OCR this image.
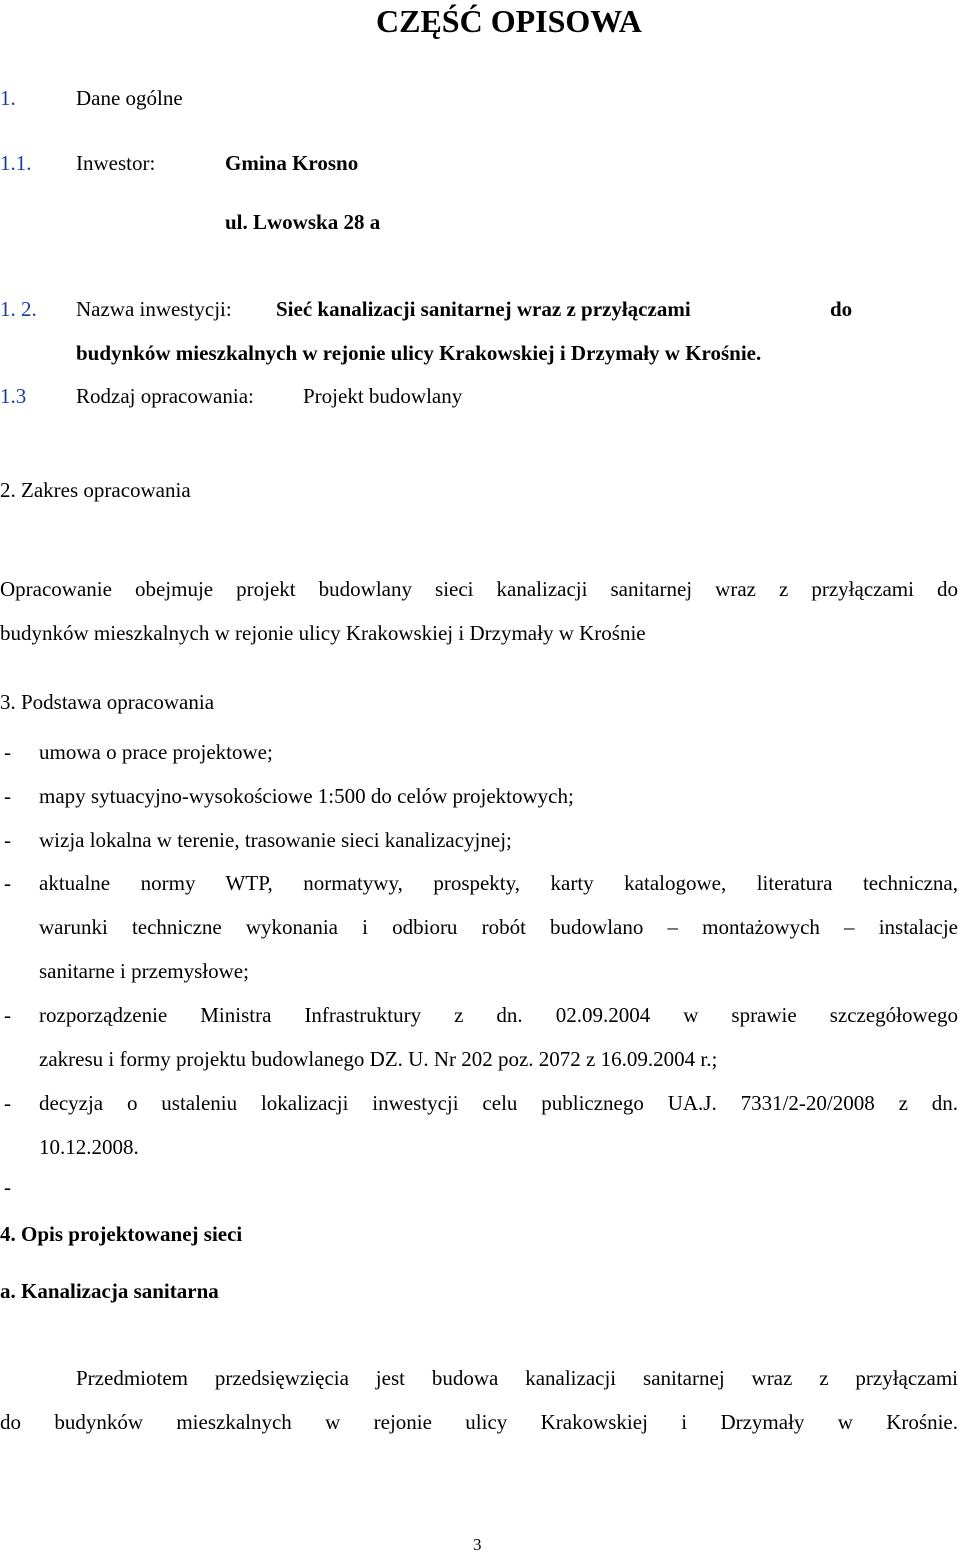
CZĘŚĆ OPISOWA
1.	Dane ogólne
1.1. Inwestor:	Gmina Krosno
ul. Lwowska 28 a
1. 2. Nazwa inwestycji: Sieć kanalizacji sanitarnej wraz z przyłączami	do
budynków mieszkalnych w rejonie ulicy Krakowskiej i Drzymały w Krośnie.
1.3 Rodzaj opracowania: Projekt budowlany
2. Zakres opracowania
Opracowanie obejmuje projekt budowlany sieci kanalizacji sanitarnej wraz z przyłączami do
budynków mieszkalnych w rejonie ulicy Krakowskiej i Drzymały w Krośnie
3. Podstawa opracowania
- umowa o prace projektowe;
- mapy sytuacyjno-wysokościowe 1:500 do celów projektowych;
- wizja lokalna w terenie, trasowanie sieci kanalizacyjnej;
- aktualne normy WTP, normatywy, prospekty, karty katalogowe, literatura techniczna,
warunki techniczne wykonania i odbioru robót budowlano – montażowych – instalacje
sanitarne i przemysłowe;
- rozporządzenie Ministra Infrastruktury z dn. 02.09.2004 w sprawie szczegółowego
zakresu i formy projektu budowlanego DZ. U. Nr 202 poz. 2072 z 16.09.2004 r.;
- decyzja o ustaleniu lokalizacji inwestycji celu publicznego UA.J. 7331/2-20/2008 z dn.
10.12.2008.
-
4. Opis projektowanej sieci
a. Kanalizacja sanitarna
Przedmiotem przedsięwzięcia jest budowa kanalizacji sanitarnej wraz z przyłączami
do budynków mieszkalnych w rejonie ulicy Krakowskiej i Drzymały w Krośnie.
3
